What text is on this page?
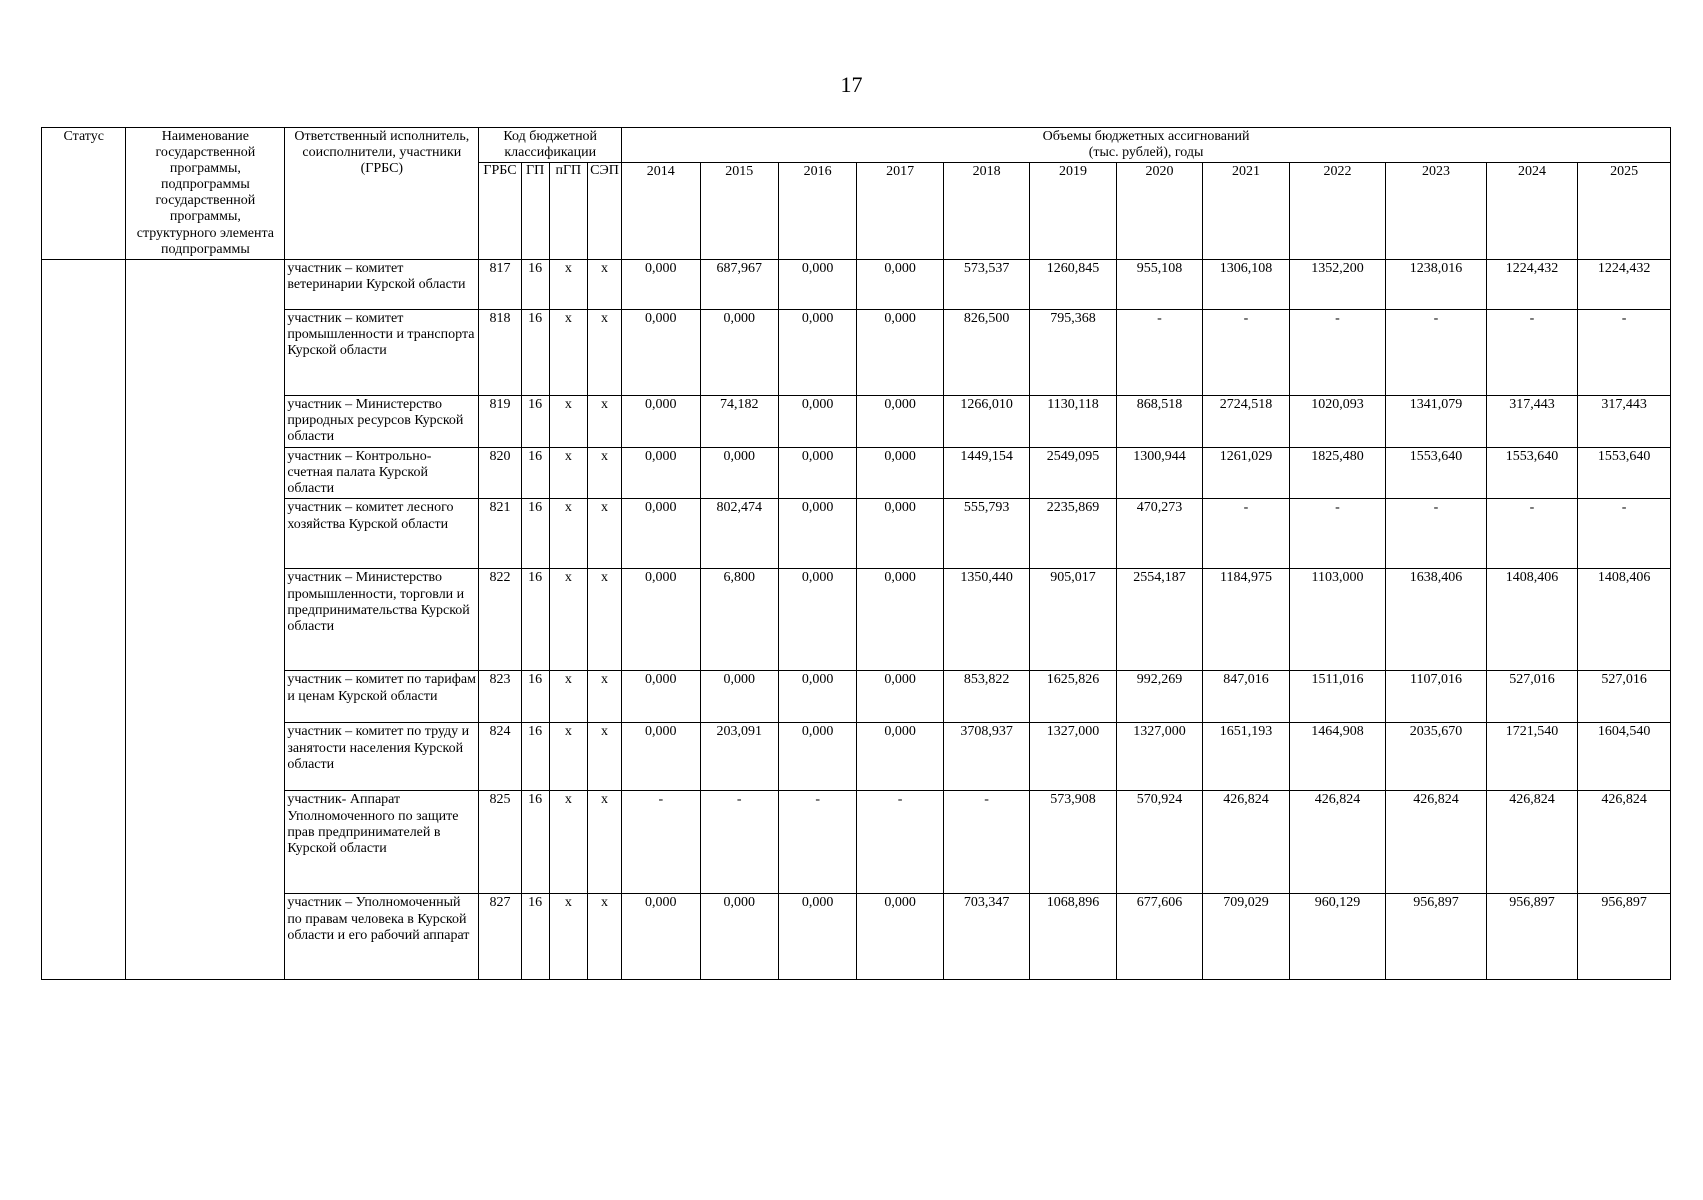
17
Статус	Наименование государственной программы, подпрограммы государственной программы, структурного элемента подпрограммы	Ответственный исполнитель, соисполнители, участники (ГРБС)	Код бюджетной классификации				Объемы бюджетных ассигнований
(тыс. рублей), годы											

							2014	2015	2016	2017	2018	2019	2020	2021	2022	2023	2024	2025
			ГРБС	ГП	пГП	СЭП												
		участник – комитет ветеринарии Курской области	817	16	х	х	0,000	687,967	0,000	0,000	573,537	1260,845	955,108	1306,108	1352,200	1238,016	1224,432	1224,432
		участник – комитет промышленности и транспорта Курской области	818	16	х	х	0,000	0,000	0,000	0,000	826,500	795,368	-	-	-	-	-	-
		участник – Министерство природных ресурсов Курской области	819	16	х	х	0,000	74,182	0,000	0,000	1266,010	1130,118	868,518	2724,518	1020,093	1341,079	317,443	317,443
		участник – Контрольно-счетная палата Курской области	820	16	х	х	0,000	0,000	0,000	0,000	1449,154	2549,095	1300,944	1261,029	1825,480	1553,640	1553,640	1553,640
		участник – комитет лесного хозяйства Курской области	821	16	х	х	0,000	802,474	0,000	0,000	555,793	2235,869	470,273	-	-	-	-	-
		участник – Министерство промышленности, торговли и предпринимательства Курской области	822	16	х	х	0,000	6,800	0,000	0,000	1350,440	905,017	2554,187	1184,975	1103,000	1638,406	1408,406	1408,406
		участник – комитет по тарифам и ценам Курской области	823	16	х	х	0,000	0,000	0,000	0,000	853,822	1625,826	992,269	847,016	1511,016	1107,016	527,016	527,016
		участник – комитет по труду и занятости населения Курской области	824	16	х	х	0,000	203,091	0,000	0,000	3708,937	1327,000	1327,000	1651,193	1464,908	2035,670	1721,540	1604,540
		участник- Аппарат Уполномоченного по защите прав предпринимателей в Курской области	825	16	х	х	-	-	-	-	-	573,908	570,924	426,824	426,824	426,824	426,824	426,824
		участник – Уполномоченный по правам человека в Курской области и его рабочий аппарат	827	16	х	х	0,000	0,000	0,000	0,000	703,347	1068,896	677,606	709,029	960,129	956,897	956,897	956,897
